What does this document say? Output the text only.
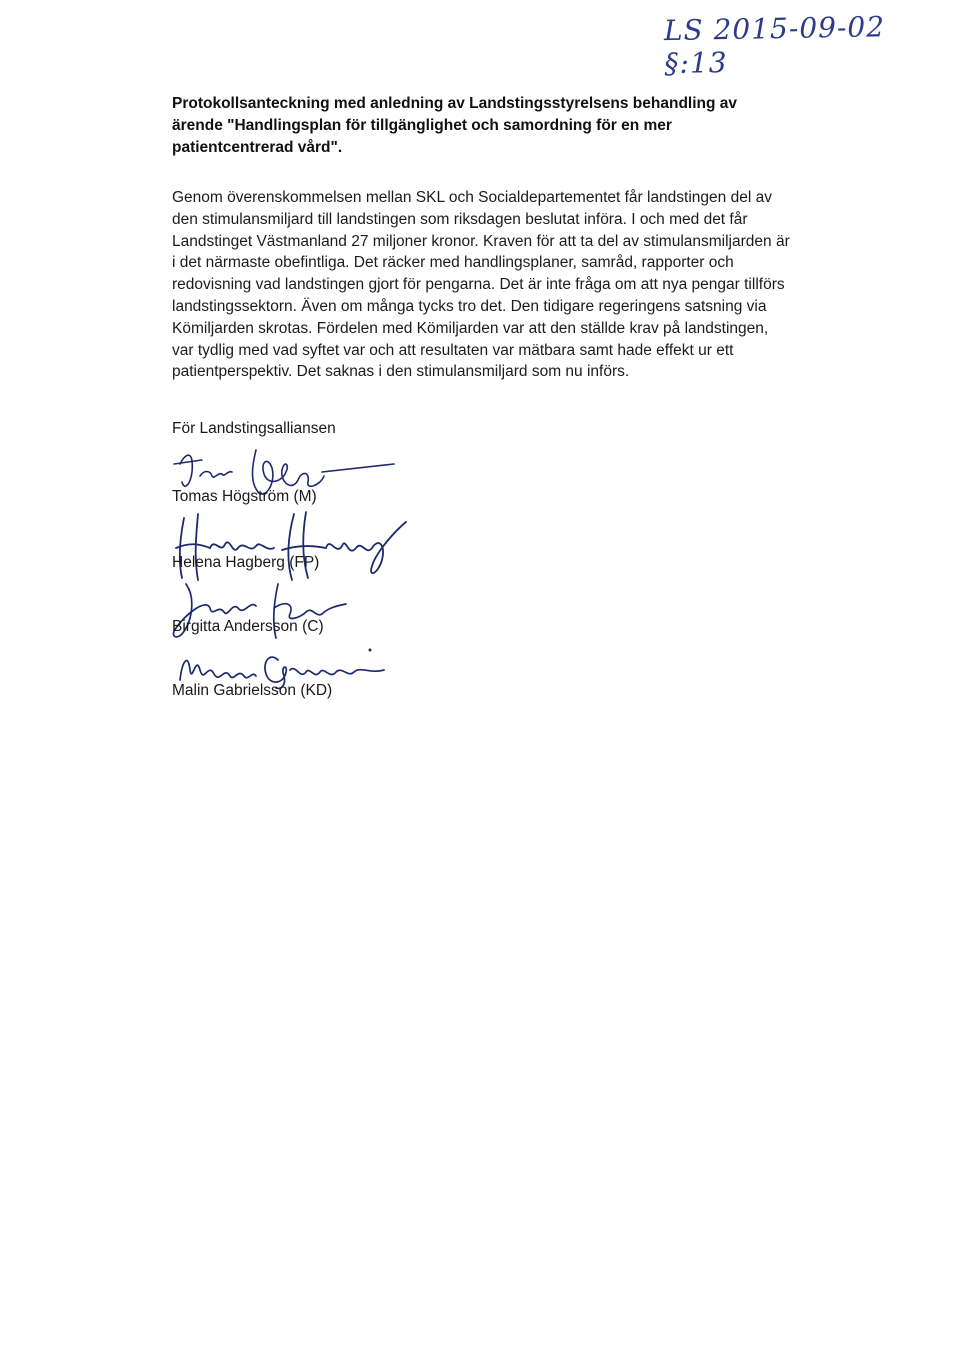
LS 2015-09-02 §:13

Protokollsanteckning med anledning av Landstingsstyrelsens behandling av ärende "Handlingsplan för tillgänglighet och samordning för en mer patientcentrerad vård".

Genom överenskommelsen mellan SKL och Socialdepartementet får landstingen del av den stimulansmiljard till landstingen som riksdagen beslutat införa. I och med det får Landstinget Västmanland 27 miljoner kronor. Kraven för att ta del av stimulansmiljarden är i det närmaste obefintliga. Det räcker med handlingsplaner, samråd, rapporter och redovisning vad landstingen gjort för pengarna. Det är inte fråga om att nya pengar tillförs landstingssektorn. Även om många tycks tro det. Den tidigare regeringens satsning via Kömiljarden skrotas. Fördelen med Kömiljarden var att den ställde krav på landstingen, var tydlig med vad syftet var och att resultaten var mätbara samt hade effekt ur ett patientperspektiv. Det saknas i den stimulansmiljard som nu införs.

För Landstingsalliansen
Tomas Högström (M)
Helena Hagberg (FP)
Birgitta Andersson (C)
Malin Gabrielsson (KD)
